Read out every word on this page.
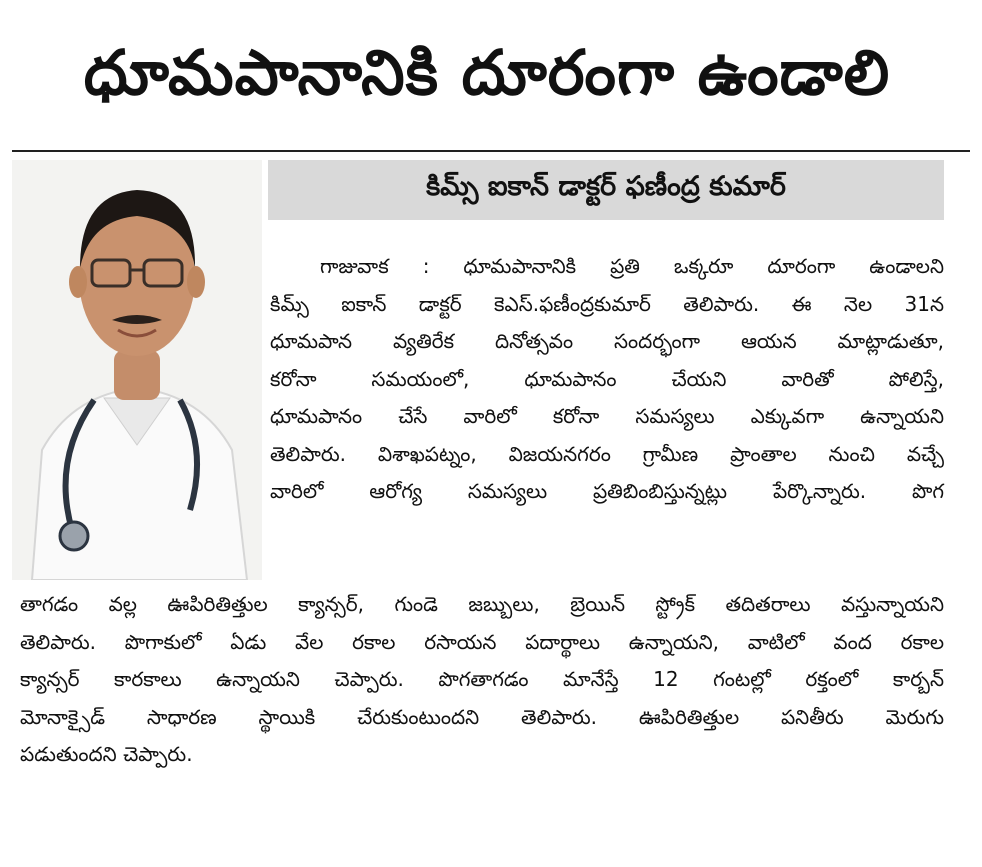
ధూమపానానికి దూరంగా ఉండాలి
కిమ్స్ ఐకాన్ డాక్టర్ ఫణీంద్ర కుమార్
గాజువాక : ధూమపానానికి ప్రతి ఒక్కరూ దూరంగా ఉండాలని
కిమ్స్ ఐకాన్ డాక్టర్ కెఎస్.ఫణీంద్రకుమార్ తెలిపారు. ఈ నెల 31న
ధూమపాన వ్యతిరేక దినోత్సవం సందర్భంగా ఆయన మాట్లాడుతూ,
కరోనా సమయంలో, ధూమపానం చేయని వారితో పోలిస్తే,
ధూమపానం చేసే వారిలో కరోనా సమస్యలు ఎక్కువగా ఉన్నాయని
తెలిపారు. విశాఖపట్నం, విజయనగరం గ్రామీణ ప్రాంతాల నుంచి వచ్చే
వారిలో ఆరోగ్య సమస్యలు ప్రతిబింబిస్తున్నట్లు పేర్కొన్నారు. పొగ
తాగడం వల్ల ఊపిరితిత్తుల క్యాన్సర్, గుండె జబ్బులు, బ్రెయిన్ స్ట్రోక్ తదితరాలు వస్తున్నాయని
తెలిపారు. పొగాకులో ఏడు వేల రకాల రసాయన పదార్థాలు ఉన్నాయని, వాటిలో వంద రకాల
క్యాన్సర్ కారకాలు ఉన్నాయని చెప్పారు. పొగతాగడం మానేస్తే 12 గంటల్లో రక్తంలో కార్బన్
మోనాక్సైడ్ సాధారణ స్థాయికి చేరుకుంటుందని తెలిపారు. ఊపిరితిత్తుల పనితీరు మెరుగు
పడుతుందని చెప్పారు.
